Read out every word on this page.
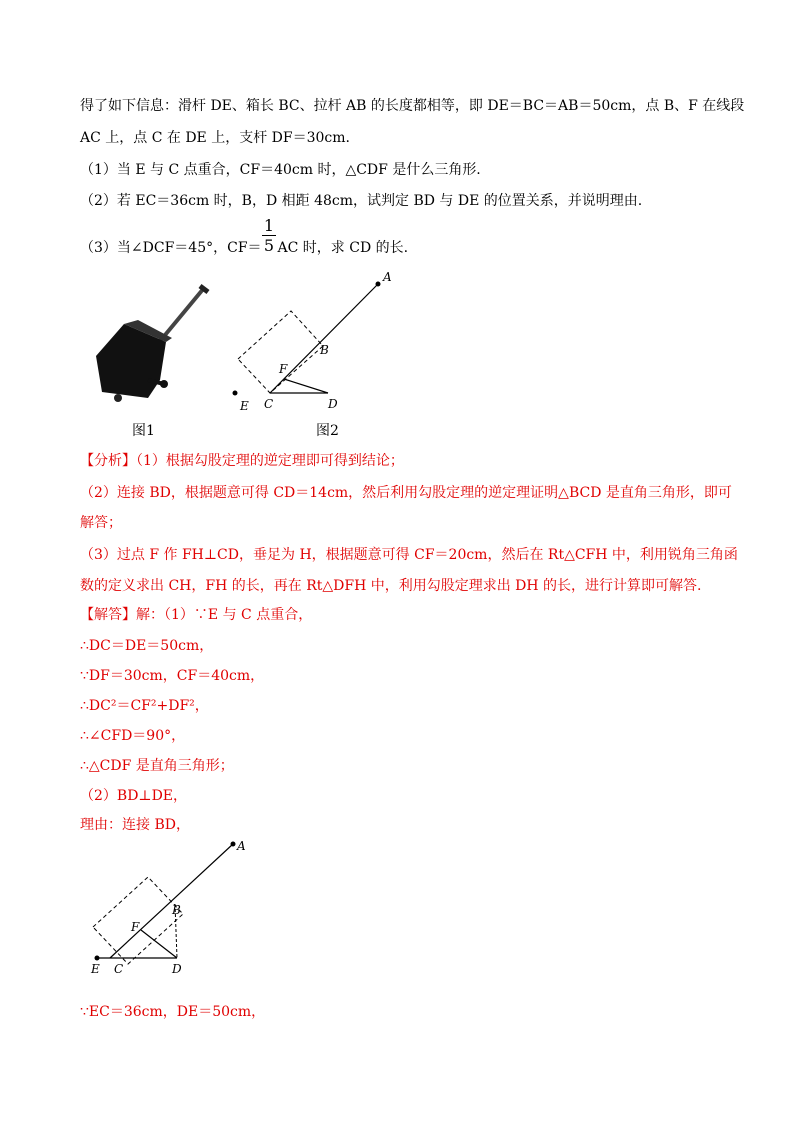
得了如下信息：滑杆 DE、箱长 BC、拉杆 AB 的长度都相等，即 DE＝BC＝AB＝50cm，点 B、F 在线段
AC 上，点 C 在 DE 上，支杆 DF＝30cm.
（1）当 E 与 C 点重合，CF＝40cm 时，△CDF 是什么三角形.
（2）若 EC＝36cm 时，B，D 相距 48cm，试判定 BD 与 DE 的位置关系，并说明理由.
（3）当∠DCF＝45°，CF＝ AC 时，求 CD 的长.
1
5
图1
A
B
C	D
E
F
图2
【分析】（1）根据勾股定理的逆定理即可得到结论；
（2）连接 BD，根据题意可得 CD＝14cm，然后利用勾股定理的逆定理证明△BCD 是直角三角形，即可
解答；
（3）过点 F 作 FH⊥CD，垂足为 H，根据题意可得 CF＝20cm，然后在 Rt△CFH 中，利用锐角三角函
数的定义求出 CH，FH 的长，再在 Rt△DFH 中，利用勾股定理求出 DH 的长，进行计算即可解答.
【解答】解：（1）∵E 与 C 点重合，
∴DC＝DE＝50cm，
∵DF＝30cm，CF＝40cm，
∴DC²＝CF²+DF²，
∴∠CFD＝90°，
∴△CDF 是直角三角形；
（2）BD⊥DE，
理由：连接 BD，
A
B
C	D
E
F
∵EC＝36cm，DE＝50cm，
